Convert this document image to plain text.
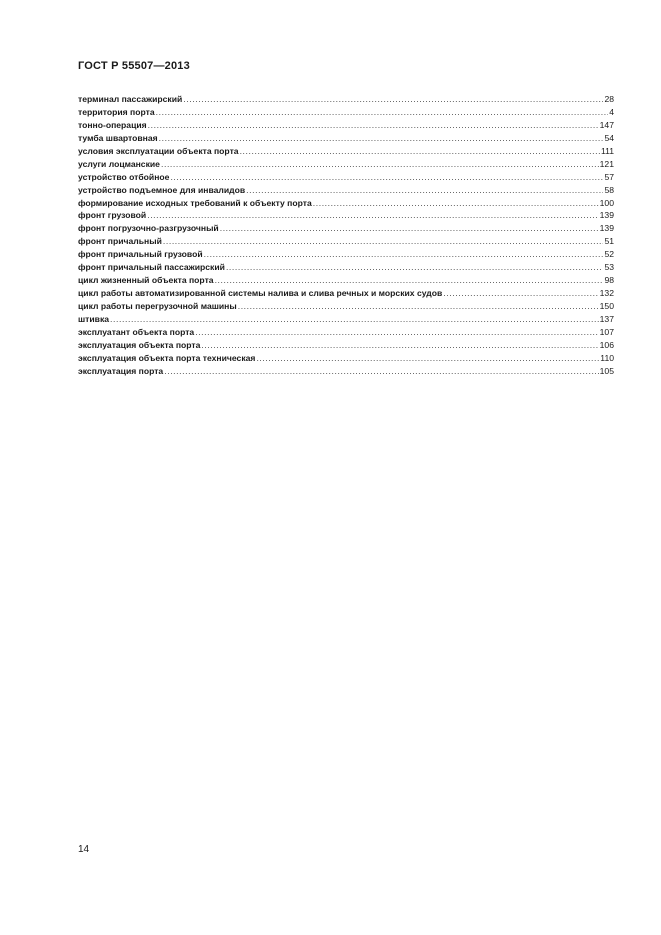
ГОСТ Р 55507—2013
терминал пассажирский .....	28
территория порта .....	4
тонно-операция .....	147
тумба швартовная .....	54
условия эксплуатации объекта порта .....	111
услуги лоцманские .....	121
устройство отбойное .....	57
устройство подъемное для инвалидов .....	58
формирование исходных требований к объекту порта .....	100
фронт грузовой .....	139
фронт погрузочно-разгрузочный .....	139
фронт причальный .....	51
фронт причальный грузовой .....	52
фронт причальный пассажирский .....	53
цикл жизненный объекта порта .....	98
цикл работы автоматизированной системы налива и слива речных и морских судов .....	132
цикл работы перегрузочной машины .....	150
штивка .....	137
эксплуатант объекта порта .....	107
эксплуатация объекта порта .....	106
эксплуатация объекта порта техническая .....	110
эксплуатация порта .....	105
14
